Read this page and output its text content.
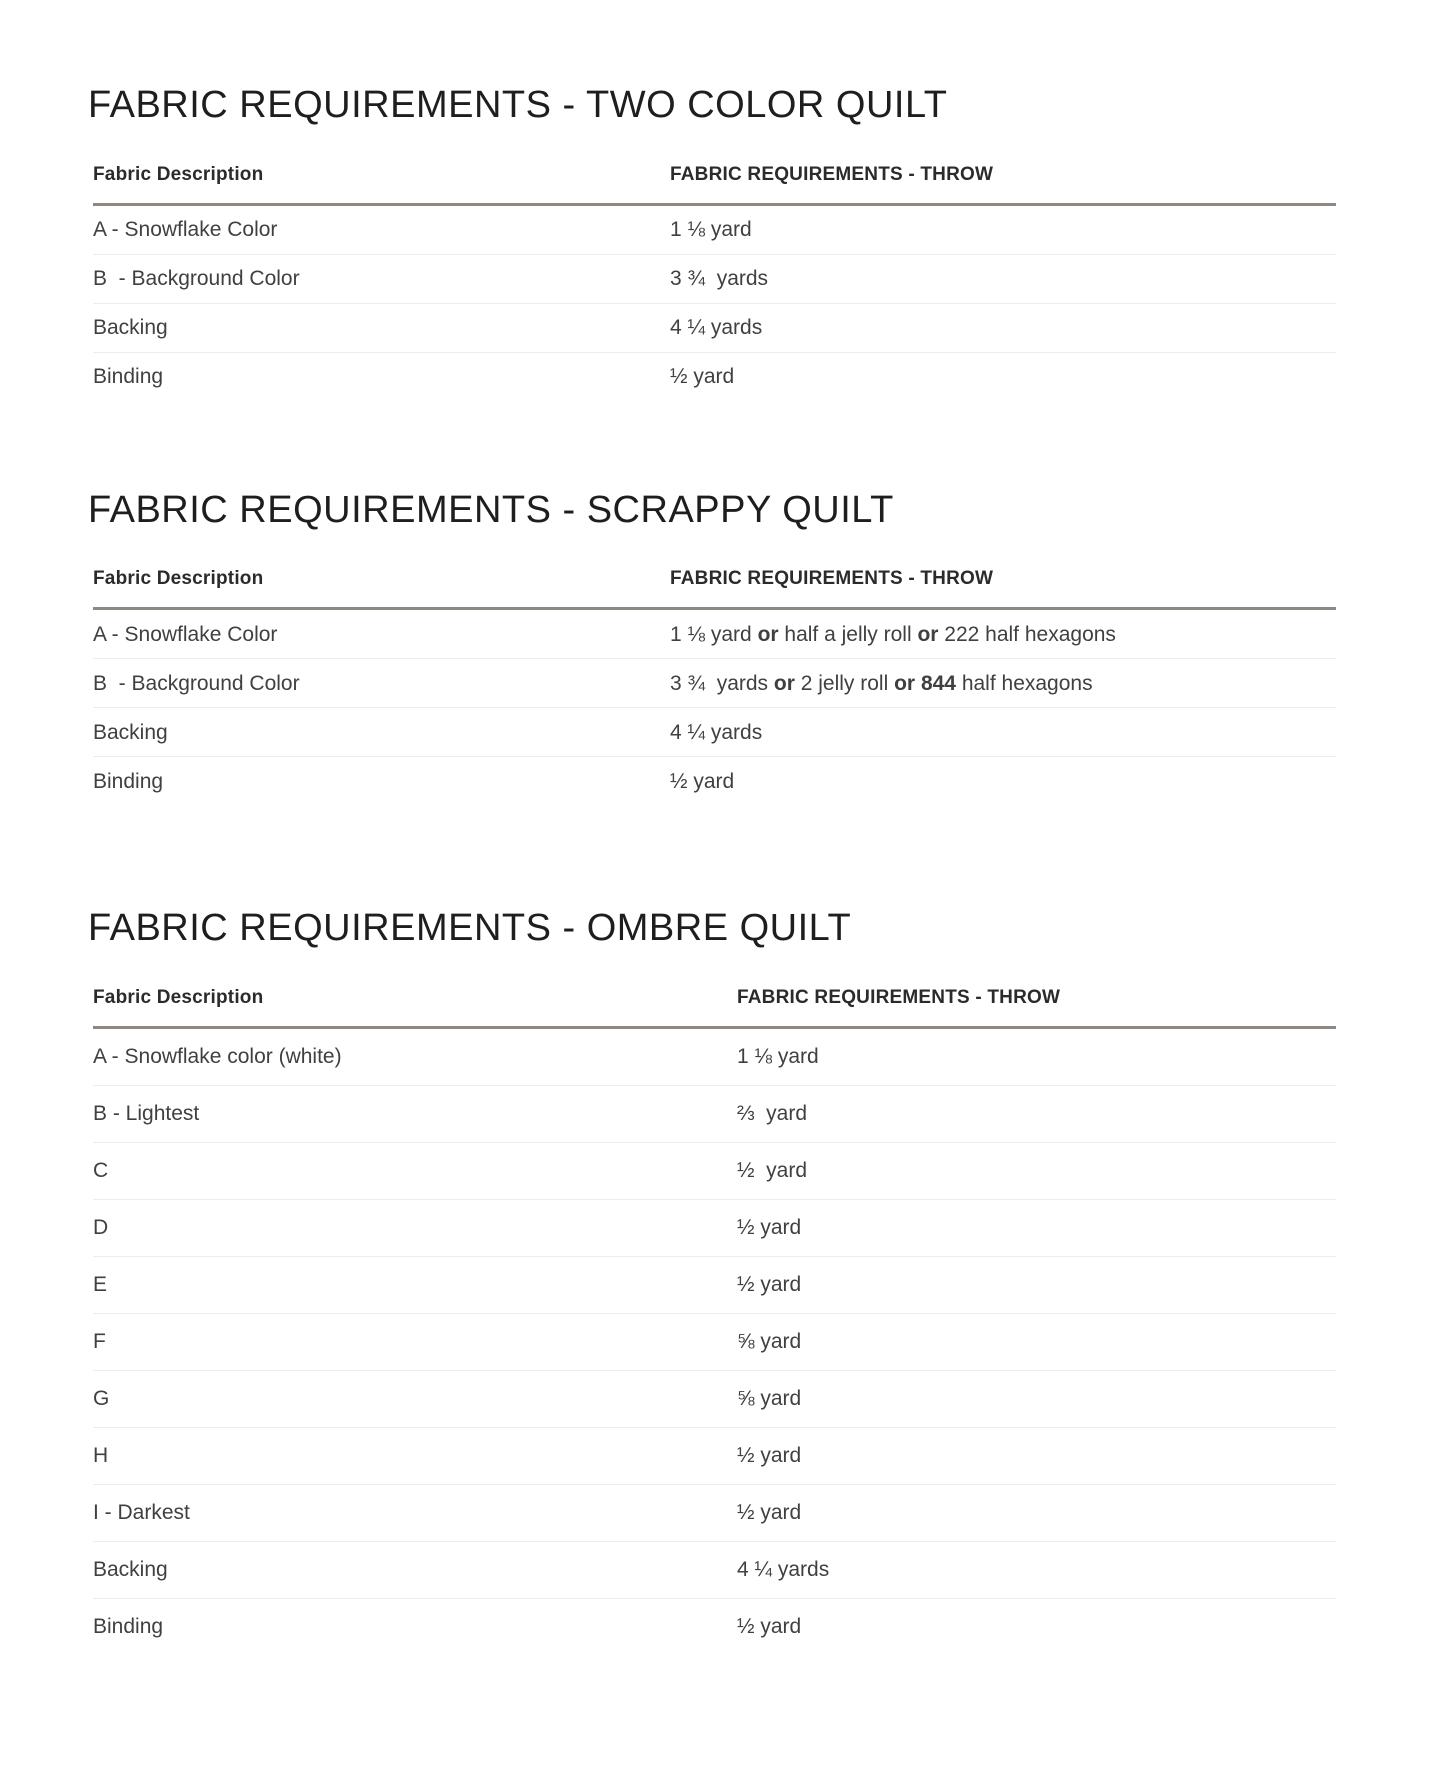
FABRIC REQUIREMENTS - TWO COLOR QUILT
Fabric Description	FABRIC REQUIREMENTS - THROW
A - Snowflake Color	1 ⅛ yard
B  - Background Color	3 ¾  yards
Backing	4 ¼ yards
Binding	½ yard
FABRIC REQUIREMENTS - SCRAPPY QUILT
Fabric Description	FABRIC REQUIREMENTS - THROW
A - Snowflake Color	1 ⅛ yard or half a jelly roll or 222 half hexagons
B  - Background Color	3 ¾  yards or 2 jelly roll or 844 half hexagons
Backing	4 ¼ yards
Binding	½ yard
FABRIC REQUIREMENTS - OMBRE QUILT
Fabric Description	FABRIC REQUIREMENTS - THROW
A - Snowflake color (white)	1 ⅛ yard
B - Lightest	⅔  yard
C	½  yard
D	½ yard
E	½ yard
F	⅝ yard
G	⅝ yard
H	½ yard
I - Darkest	½ yard
Backing	4 ¼ yards
Binding	½ yard
